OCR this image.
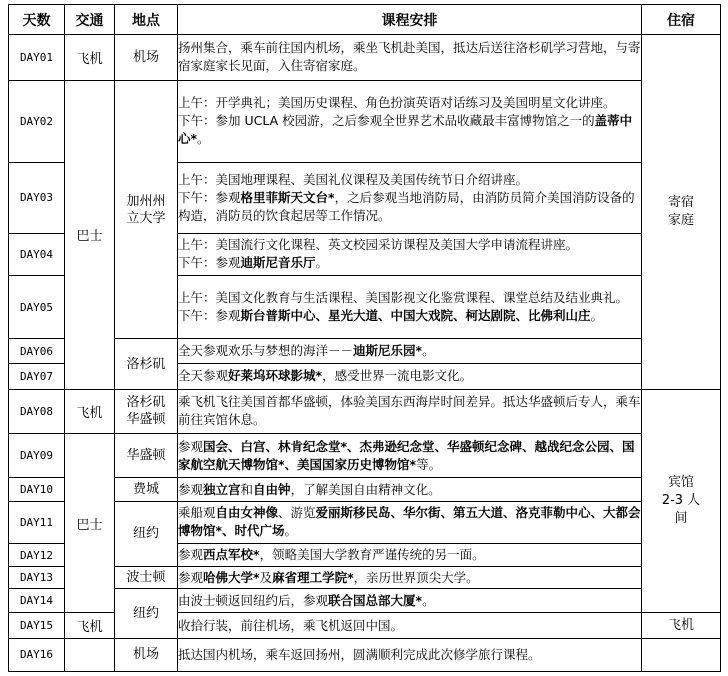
天数	交通	地点	课程安排	住宿
DAY01	飞机	机场	扬州集合，乘车前往国内机场，乘坐飞机赴美国，抵达后送往洛杉矶学习营地，与寄宿家庭家长见面，入住寄宿家庭。	寄宿家庭

DAY02	巴士	加州州立大学	上午：开学典礼；美国历史课程、角色扮演英语对话练习及美国明星文化讲座。
下午：参加 UCLA 校园游，之后参观全世界艺术品收藏最丰富博物馆之一的盖蒂中心*。	

DAY03			上午：美国地理课程、美国礼仪课程及美国传统节日介绍讲座。
下午：参观格里菲斯天文台*，之后参观当地消防局，由消防员简介美国消防设备的构造，消防员的饮食起居等工作情况。	

DAY04			上午：美国流行文化课程、英文校园采访课程及美国大学申请流程讲座。
下午：参观迪斯尼音乐厅。	

DAY05			上午：美国文化教育与生活课程、美国影视文化鉴赏课程、课堂总结及结业典礼。
下午：参观斯台普斯中心、星光大道、中国大戏院、柯达剧院、比佛利山庄。	

DAY06		洛杉矶	全天参观欢乐与梦想的海洋－－迪斯尼乐园*。	
DAY07			全天参观好莱坞环球影城*，感受世界一流电影文化。	
DAY08	飞机	洛杉矶华盛顿	乘飞机飞往美国首都华盛顿，体验美国东西海岸时间差异。抵达华盛顿后专人，乘车前往宾馆休息。	宾馆 2-3 人间

DAY09	巴士	华盛顿	参观国会、白宫、林肯纪念堂*、杰弗逊纪念堂、华盛顿纪念碑、越战纪念公园、国家航空航天博物馆*、美国国家历史博物馆*等。	
DAY10		费城	参观独立宫和自由钟，了解美国自由精神文化。	
DAY11		纽约	乘船观自由女神像、游览爱丽斯移民岛、华尔街、第五大道、洛克菲勒中心、大都会博物馆*、时代广场。	
DAY12			参观西点军校*，领略美国大学教育严谨传统的另一面。	
DAY13		波士顿	参观哈佛大学*及麻省理工学院*，亲历世界顶尖大学。	
DAY14		纽约	由波士顿返回纽约后，参观联合国总部大厦*。	
DAY15	飞机		收拾行装，前往机场，乘飞机返回中国。	飞机
DAY16		机场	抵达国内机场，乘车返回扬州，圆满顺利完成此次修学旅行课程。	
